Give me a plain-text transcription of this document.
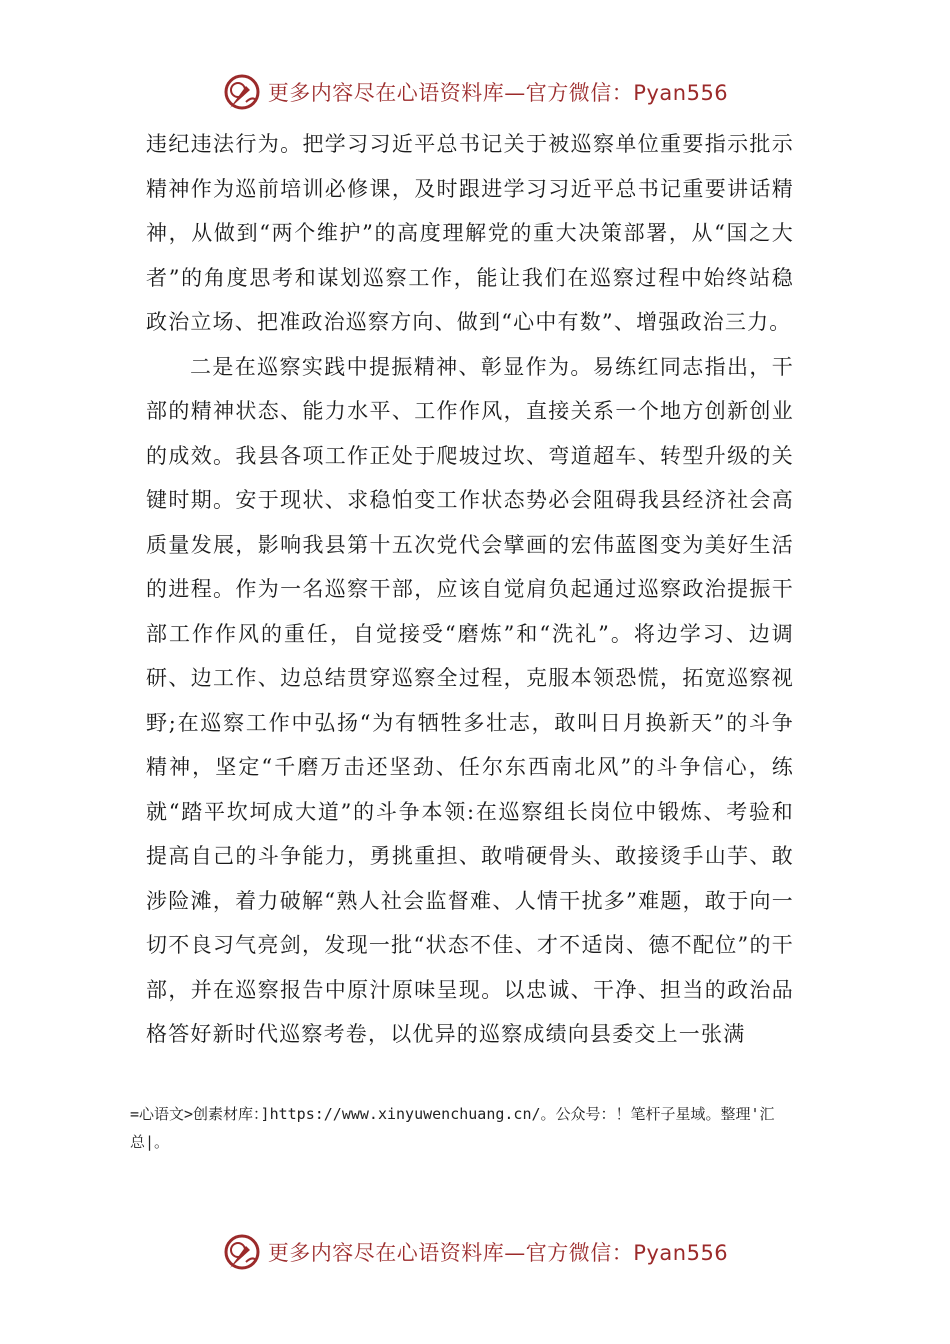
更多内容尽在心语资料库—官方微信：Pyan556

违纪违法行为。把学习习近平总书记关于被巡察单位重要指示批示精神作为巡前培训必修课，及时跟进学习习近平总书记重要讲话精神，从做到“两个维护”的高度理解党的重大决策部署，从“国之大者”的角度思考和谋划巡察工作，能让我们在巡察过程中始终站稳政治立场、把准政治巡察方向、做到“心中有数”、增强政治三力。

二是在巡察实践中提振精神、彰显作为。易练红同志指出，干部的精神状态、能力水平、工作作风，直接关系一个地方创新创业的成效。我县各项工作正处于爬坡过坎、弯道超车、转型升级的关键时期。安于现状、求稳怕变工作状态势必会阻碍我县经济社会高质量发展，影响我县第十五次党代会擘画的宏伟蓝图变为美好生活的进程。作为一名巡察干部，应该自觉肩负起通过巡察政治提振干部工作作风的重任，自觉接受“磨炼”和“洗礼”。将边学习、边调研、边工作、边总结贯穿巡察全过程，克服本领恐慌，拓宽巡察视野;在巡察工作中弘扬“为有牺牲多壮志，敢叫日月换新天”的斗争精神，坚定“千磨万击还坚劲、任尔东西南北风”的斗争信心，练就“踏平坎坷成大道”的斗争本领:在巡察组长岗位中锻炼、考验和提高自己的斗争能力，勇挑重担、敢啃硬骨头、敢接烫手山芋、敢涉险滩，着力破解“熟人社会监督难、人情干扰多”难题，敢于向一切不良习气亮剑，发现一批“状态不佳、才不适岗、德不配位”的干部，并在巡察报告中原汁原味呈现。以忠诚、干净、担当的政治品格答好新时代巡察考卷，以优异的巡察成绩向县委交上一张满

=心语文>创素材库：]https://www.xinyuwenchuang.cn/。公众号：！笔杆子星域。整理'汇总|。
更多内容尽在心语资料库—官方微信：Pyan556
